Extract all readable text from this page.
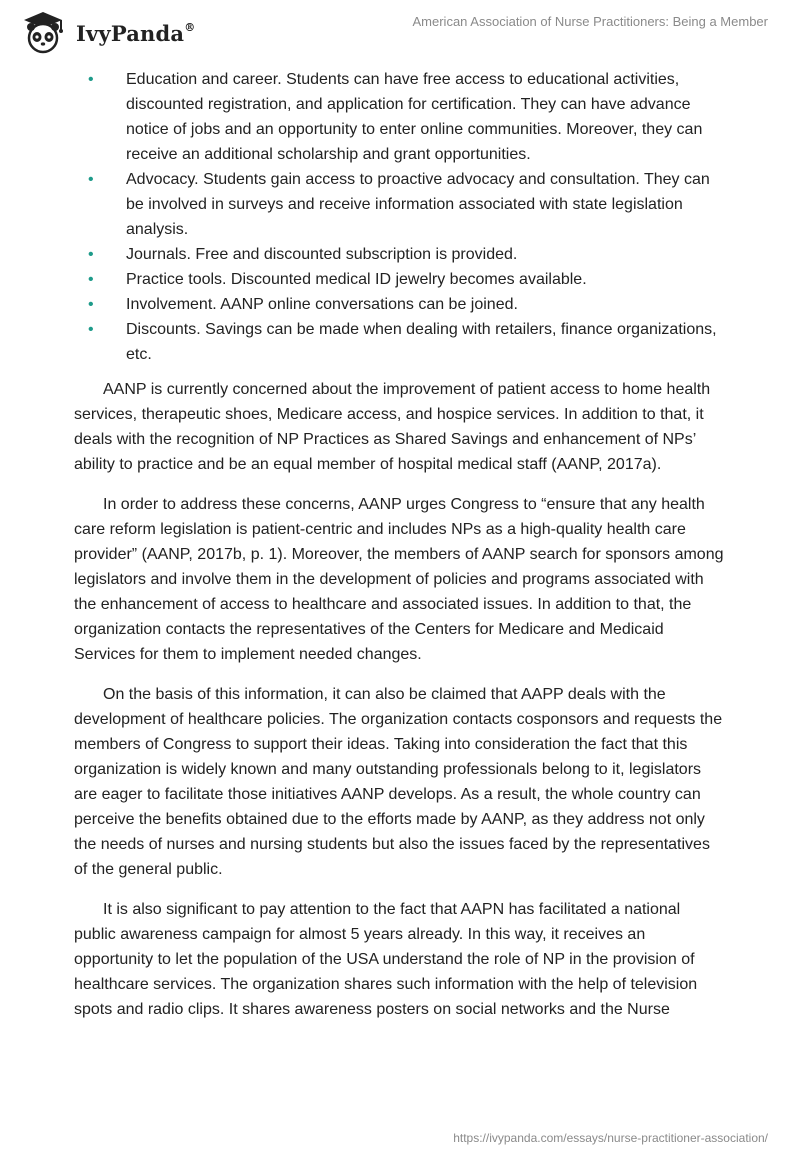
IvyPanda®	American Association of Nurse Practitioners: Being a Member
• Education and career. Students can have free access to educational activities, discounted registration, and application for certification. They can have advance notice of jobs and an opportunity to enter online communities. Moreover, they can receive an additional scholarship and grant opportunities.
• Advocacy. Students gain access to proactive advocacy and consultation. They can be involved in surveys and receive information associated with state legislation analysis.
• Journals. Free and discounted subscription is provided.
• Practice tools. Discounted medical ID jewelry becomes available.
• Involvement. AANP online conversations can be joined.
• Discounts. Savings can be made when dealing with retailers, finance organizations, etc.

AANP is currently concerned about the improvement of patient access to home health services, therapeutic shoes, Medicare access, and hospice services. In addition to that, it deals with the recognition of NP Practices as Shared Savings and enhancement of NPs’ ability to practice and be an equal member of hospital medical staff (AANP, 2017a).

In order to address these concerns, AANP urges Congress to “ensure that any health care reform legislation is patient-centric and includes NPs as a high-quality health care provider” (AANP, 2017b, p. 1). Moreover, the members of AANP search for sponsors among legislators and involve them in the development of policies and programs associated with the enhancement of access to healthcare and associated issues. In addition to that, the organization contacts the representatives of the Centers for Medicare and Medicaid Services for them to implement needed changes.

On the basis of this information, it can also be claimed that AAPP deals with the development of healthcare policies. The organization contacts cosponsors and requests the members of Congress to support their ideas. Taking into consideration the fact that this organization is widely known and many outstanding professionals belong to it, legislators are eager to facilitate those initiatives AANP develops. As a result, the whole country can perceive the benefits obtained due to the efforts made by AANP, as they address not only the needs of nurses and nursing students but also the issues faced by the representatives of the general public.

It is also significant to pay attention to the fact that AAPN has facilitated a national public awareness campaign for almost 5 years already. In this way, it receives an opportunity to let the population of the USA understand the role of NP in the provision of healthcare services. The organization shares such information with the help of television spots and radio clips. It shares awareness posters on social networks and the Nurse

https://ivypanda.com/essays/nurse-practitioner-association/
